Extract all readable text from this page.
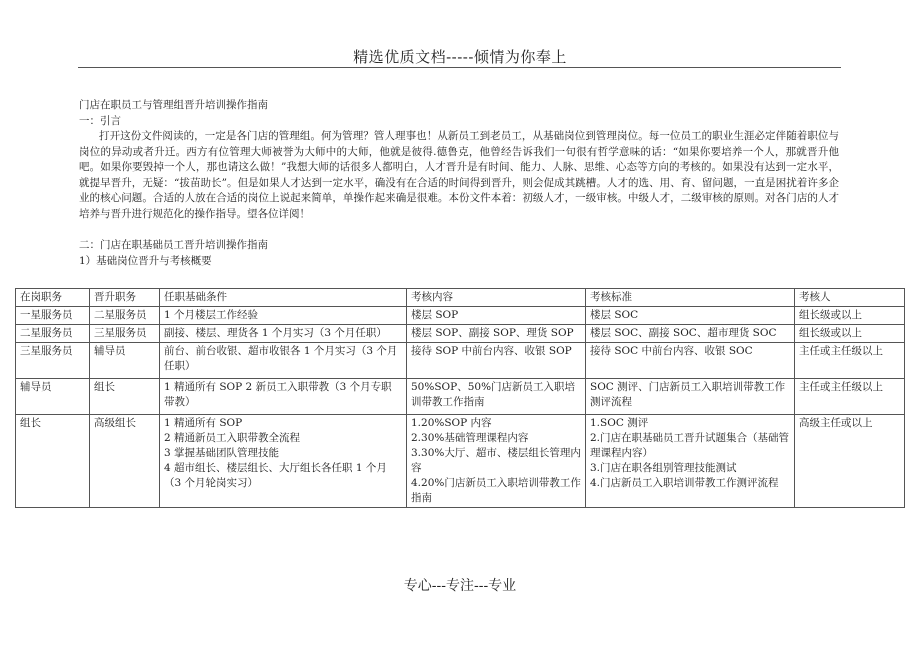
精选优质文档-----倾情为你奉上

门店在职员工与管理组晋升培训操作指南

一：引言

打开这份文件阅读的，一定是各门店的管理组。何为管理？管人理事也！从新员工到老员工，从基础岗位到管理岗位。每一位员工的职业生涯必定伴随着职位与岗位的异动或者升迁。西方有位管理大师被誉为大师中的大师，他就是彼得.德鲁克，他曾经告诉我们一句很有哲学意味的话：“如果你要培养一个人，那就晋升他吧。如果你要毁掉一个人，那也请这么做！”我想大师的话很多人都明白，人才晋升是有时间、能力、人脉、思维、心态等方向的考核的。如果没有达到一定水平，就提早晋升，无疑：“拔苗助长”。但是如果人才达到一定水平，确没有在合适的时间得到晋升，则会促成其跳槽。人才的选、用、育、留问题，一直是困扰着许多企业的核心问题。合适的人放在合适的岗位上说起来简单，单操作起来确是很难。本份文件本着：初级人才，一级审核。中级人才，二级审核的原则。对各门店的人才培养与晋升进行规范化的操作指导。望各位详阅！

二：门店在职基础员工晋升培训操作指南

1）基础岗位晋升与考核概要

在岗职务	晋升职务	任职基础条件	考核内容	考核标准	考核人
一星服务员	二星服务员	1 个月楼层工作经验	楼层 SOP	楼层 SOC	组长级或以上
二星服务员	三星服务员	副接、楼层、理货各 1 个月实习（3 个月任职）	楼层 SOP、副接 SOP、理货 SOP	楼层 SOC、副接 SOC、超市理货 SOC	组长级或以上
三星服务员	辅导员	前台、前台收银、超市收银各 1 个月实习（3 个月任职）	接待 SOP 中前台内容、收银 SOP	接待 SOC 中前台内容、收银 SOC	主任或主任级以上
辅导员	组长	1 精通所有 SOP 2 新员工入职带教（3 个月专职带教）	50%SOP、50%门店新员工入职培训带教工作指南	SOC 测评、门店新员工入职培训带教工作测评流程	主任或主任级以上
组长	高级组长	1 精通所有 SOP
2 精通新员工入职带教全流程
3 掌握基础团队管理技能
4 超市组长、楼层组长、大厅组长各任职 1 个月（3 个月轮岗实习）	1.20%SOP 内容
2.30%基础管理课程内容
3.30%大厅、超市、楼层组长管理内容
4.20%门店新员工入职培训带教工作指南	1.SOC 测评
2.门店在职基础员工晋升试题集合（基础管理课程内容）
3.门店在职各组别管理技能测试
4.门店新员工入职培训带教工作测评流程	高级主任或以上
专心---专注---专业
